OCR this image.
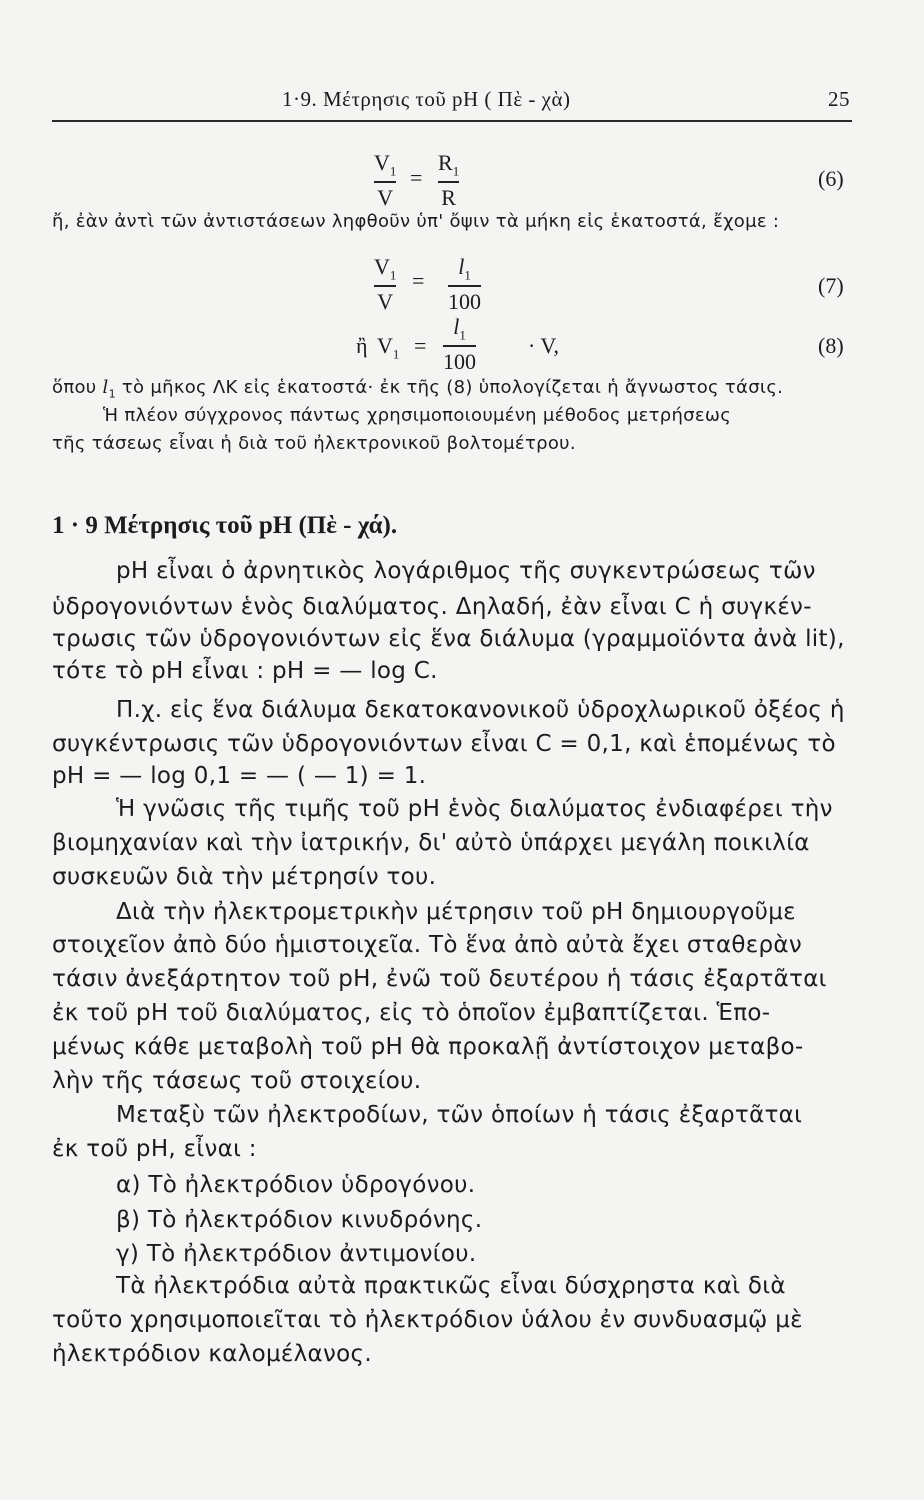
1·9. Μέτρησις τοῦ pH ( Πὲ - χὰ)	25
$V_1$
V
=
$R_1$
R
(6)
ἤ, ἐὰν ἀντὶ τῶν ἀντιστάσεων ληφθοῦν ὑπ' ὄψιν τὰ μήκη εἰς ἑκατοστά, ἔχομε :
$V_1$
V
=
$l_1$
100
(7)
ἢ $V_1$ =
$l_1$
100
· V,	(8)
ὅπου $l_1$ τὸ μῆκος ΛΚ εἰς ἑκατοστά· ἐκ τῆς (8) ὑπολογίζεται ἡ ἄγνωστος τάσις.
Ἡ πλέον σύγχρονος πάντως χρησιμοποιουμένη μέθοδος μετρήσεως
τῆς τάσεως εἶναι ἡ διὰ τοῦ ἠλεκτρονικοῦ βολτομέτρου.
1 · 9 Μέτρησις τοῦ pH (Πὲ - χά).
pH εἶναι ὁ ἀρνητικὸς λογάριθμος τῆς συγκεντρώσεως τῶν
ὑδρογονιόντων ἑνὸς διαλύματος. Δηλαδή, ἐὰν εἶναι C ἡ συγκέν-
τρωσις τῶν ὑδρογονιόντων εἰς ἕνα διάλυμα (γραμμοϊόντα ἀνὰ lit),
τότε τὸ pH εἶναι : pH = — log C.
Π.χ. εἰς ἕνα διάλυμα δεκατοκανονικοῦ ὑδροχλωρικοῦ ὀξέος ἡ
συγκέντρωσις τῶν ὑδρογονιόντων εἶναι C = 0,1, καὶ ἑπομένως τὸ
pH = — log 0,1 = — ( — 1) = 1.
Ἡ γνῶσις τῆς τιμῆς τοῦ pH ἑνὸς διαλύματος ἐνδιαφέρει τὴν
βιομηχανίαν καὶ τὴν ἰατρικήν, δι' αὐτὸ ὑπάρχει μεγάλη ποικιλία
συσκευῶν διὰ τὴν μέτρησίν του.
Διὰ τὴν ἠλεκτρομετρικὴν μέτρησιν τοῦ pH δημιουργοῦμε
στοιχεῖον ἀπὸ δύο ἡμιστοιχεῖα. Τὸ ἕνα ἀπὸ αὐτὰ ἔχει σταθερὰν
τάσιν ἀνεξάρτητον τοῦ pH, ἐνῶ τοῦ δευτέρου ἡ τάσις ἐξαρτᾶται
ἐκ τοῦ pH τοῦ διαλύματος, εἰς τὸ ὁποῖον ἐμβαπτίζεται. Ἑπο-
μένως κάθε μεταβολὴ τοῦ pH θὰ προκαλῇ ἀντίστοιχον μεταβο-
λὴν τῆς τάσεως τοῦ στοιχείου.
Μεταξὺ τῶν ἠλεκτροδίων, τῶν ὁποίων ἡ τάσις ἐξαρτᾶται
ἐκ τοῦ pH, εἶναι :
α) Τὸ ἠλεκτρόδιον ὑδρογόνου.
β) Τὸ ἠλεκτρόδιον κινυδρόνης.
γ) Τὸ ἠλεκτρόδιον ἀντιμονίου.
Τὰ ἠλεκτρόδια αὐτὰ πρακτικῶς εἶναι δύσχρηστα καὶ διὰ
τοῦτο χρησιμοποιεῖται τὸ ἠλεκτρόδιον ὑάλου ἐν συνδυασμῷ μὲ
ἠλεκτρόδιον καλομέλανος.
